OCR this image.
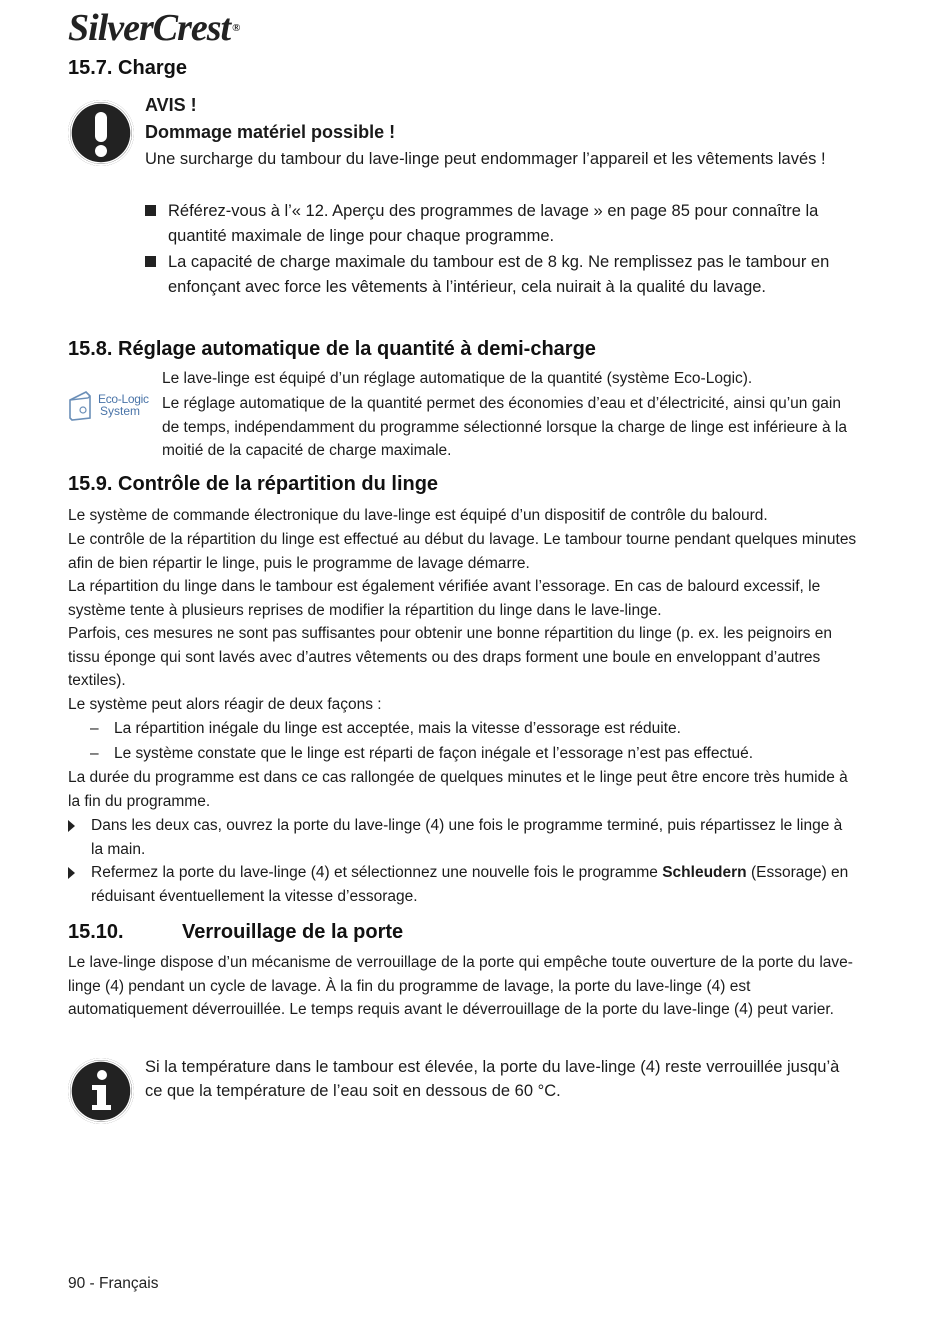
SilverCrest ®
15.7. Charge
AVIS !
Dommage matériel possible !

Une surcharge du tambour du lave-linge peut endommager l’appareil et les vêtements lavés !

Référez-vous à l’« 12. Aperçu des programmes de lavage » en page 85 pour connaître la quantité maximale de linge pour chaque programme.
La capacité de charge maximale du tambour est de 8 kg. Ne remplissez pas le tambour en enfonçant avec force les vêtements à l’intérieur, cela nuirait à la qualité du lavage.
15.8. Réglage automatique de la quantité à demi-charge
Eco-Logic
System

Le lave-linge est équipé d’un réglage automatique de la quantité (système Eco-Logic).

Le réglage automatique de la quantité permet des économies d’eau et d’électricité, ainsi qu’un gain de temps, indépendamment du programme sélectionné lorsque la charge de linge est inférieure à la moitié de la capacité de charge maximale.

15.9. Contrôle de la répartition du linge

Le système de commande électronique du lave-linge est équipé d’un dispositif de contrôle du balourd.

Le contrôle de la répartition du linge est effectué au début du lavage. Le tambour tourne pendant quelques minutes afin de bien répartir le linge, puis le programme de lavage démarre.

La répartition du linge dans le tambour est également vérifiée avant l’essorage. En cas de balourd excessif, le système tente à plusieurs reprises de modifier la répartition du linge dans le lave-linge.

Parfois, ces mesures ne sont pas suffisantes pour obtenir une bonne répartition du linge (p. ex. les peignoirs en tissu éponge qui sont lavés avec d’autres vêtements ou des draps forment une boule en enveloppant d’autres textiles).

Le système peut alors réagir de deux façons :

– La répartition inégale du linge est acceptée, mais la vitesse d’essorage est réduite.
– Le système constate que le linge est réparti de façon inégale et l’essorage n’est pas effectué.

La durée du programme est dans ce cas rallongée de quelques minutes et le linge peut être encore très humide à la fin du programme.

Dans les deux cas, ouvrez la porte du lave-linge (4) une fois le programme terminé, puis répartissez le linge à la main.
Refermez la porte du lave-linge (4) et sélectionnez une nouvelle fois le programme Schleudern (Essorage) en réduisant éventuellement la vitesse d’essorage.
15.10.	Verrouillage de la porte

Le lave-linge dispose d’un mécanisme de verrouillage de la porte qui empêche toute ouverture de la porte du lave-linge (4) pendant un cycle de lavage. À la fin du programme de lavage, la porte du lave-linge (4) est automatiquement déverrouillée. Le temps requis avant le déverrouillage de la porte du lave-linge (4) peut varier.

Si la température dans le tambour est élevée, la porte du lave-linge (4) reste verrouillée jusqu’à ce que la température de l’eau soit en dessous de 60 °C.

90 - Français
